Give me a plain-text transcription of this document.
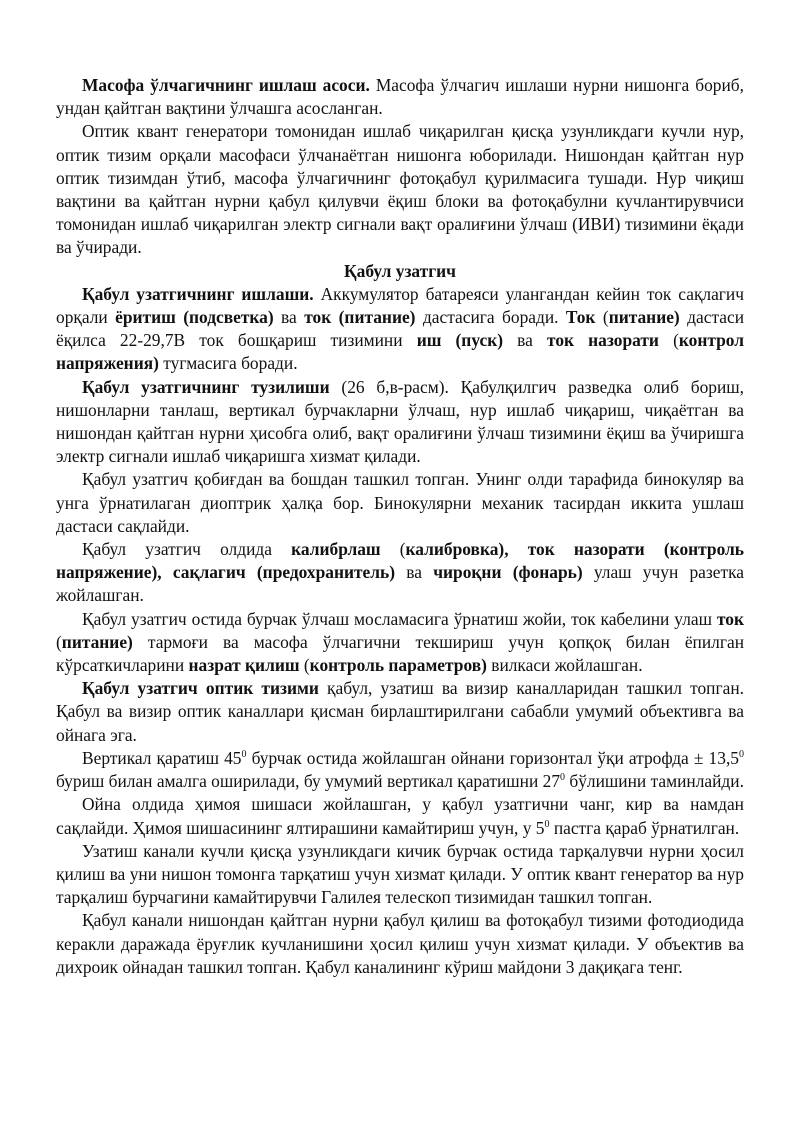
Масофа ўлчагичнинг ишлаш асоси. Масофа ўлчагич ишлаши нурни нишонга бориб, ундан қайтган вақтини ўлчашга асосланган.

Оптик квант генератори томонидан ишлаб чиқарилган қисқа узунликдаги кучли нур, оптик тизим орқали масофаси ўлчанаётган нишонга юборилади. Нишондан қайтган нур оптик тизимдан ўтиб, масофа ўлчагичнинг фотоқабул қурилмасига тушади. Нур чиқиш вақтини ва қайтган нурни қабул қилувчи ёқиш блоки ва фотоқабулни кучлантирувчиси томонидан ишлаб чиқарилган электр сигнали вақт оралиғини ўлчаш (ИВИ) тизимини ёқади ва ўчиради.

Қабул узатгич

Қабул узатгичнинг ишлаши. Аккумулятор батареяси улангандан кейин ток сақлагич орқали ёритиш (подсветка) ва ток (питание) дастасига боради. Ток (питание) дастаси ёқилса 22-29,7В ток бошқариш тизимини иш (пуск) ва ток назорати (контрол напряжения) тугмасига боради.

Қабул узатгичнинг тузилиши (26 б,в-расм). Қабулқилгич разведка олиб бориш, нишонларни танлаш, вертикал бурчакларни ўлчаш, нур ишлаб чиқариш, чиқаётган ва нишондан қайтган нурни ҳисобга олиб, вақт оралиғини ўлчаш тизимини ёқиш ва ўчиришга электр сигнали ишлаб чиқаришга хизмат қилади.

Қабул узатгич қобиғдан ва бошдан ташкил топган. Унинг олди тарафида бинокуляр ва унга ўрнатилаган диоптрик ҳалқа бор. Бинокулярни механик тасирдан иккита ушлаш дастаси сақлайди.

Қабул узатгич олдида калибрлаш (калибровка), ток назорати (контроль напряжение), сақлагич (предохранитель) ва чироқни (фонарь) улаш учун разетка жойлашган.

Қабул узатгич остида бурчак ўлчаш мосламасига ўрнатиш жойи, ток кабелини улаш ток (питание) тармоғи ва масофа ўлчагични текшириш учун қопқоқ билан ёпилган кўрсаткичларини назрат қилиш (контроль параметров) вилкаси жойлашган.

Қабул узатгич оптик тизими қабул, узатиш ва визир каналларидан ташкил топган. Қабул ва визир оптик каналлари қисман бирлаштирилгани сабабли умумий объективга ва ойнага эга.

Вертикал қаратиш $45^0$ бурчак остида жойлашган ойнани горизонтал ўқи атрофда ± $13,5^0$ буриш билан амалга оширилади, бу умумий вертикал қаратишни $27^0$ бўлишини таминлайди.

Ойна олдида ҳимоя шишаси жойлашган, у қабул узатгични чанг, кир ва намдан сақлайди. Ҳимоя шишасининг ялтирашини камайтириш учун, у $5^0$ пастга қараб ўрнатилган.

Узатиш канали кучли қисқа узунликдаги кичик бурчак остида тарқалувчи нурни ҳосил қилиш ва уни нишон томонга тарқатиш учун хизмат қилади. У оптик квант генератор ва нур тарқалиш бурчагини камайтирувчи Галилея телескоп тизимидан ташкил топган.

Қабул канали нишондан қайтган нурни қабул қилиш ва фотоқабул тизими фотодиодида керакли даражада ёруғлик кучланишини ҳосил қилиш учун хизмат қилади. У объектив ва дихроик ойнадан ташкил топган. Қабул каналининг кўриш майдони 3 дақиқага тенг.
